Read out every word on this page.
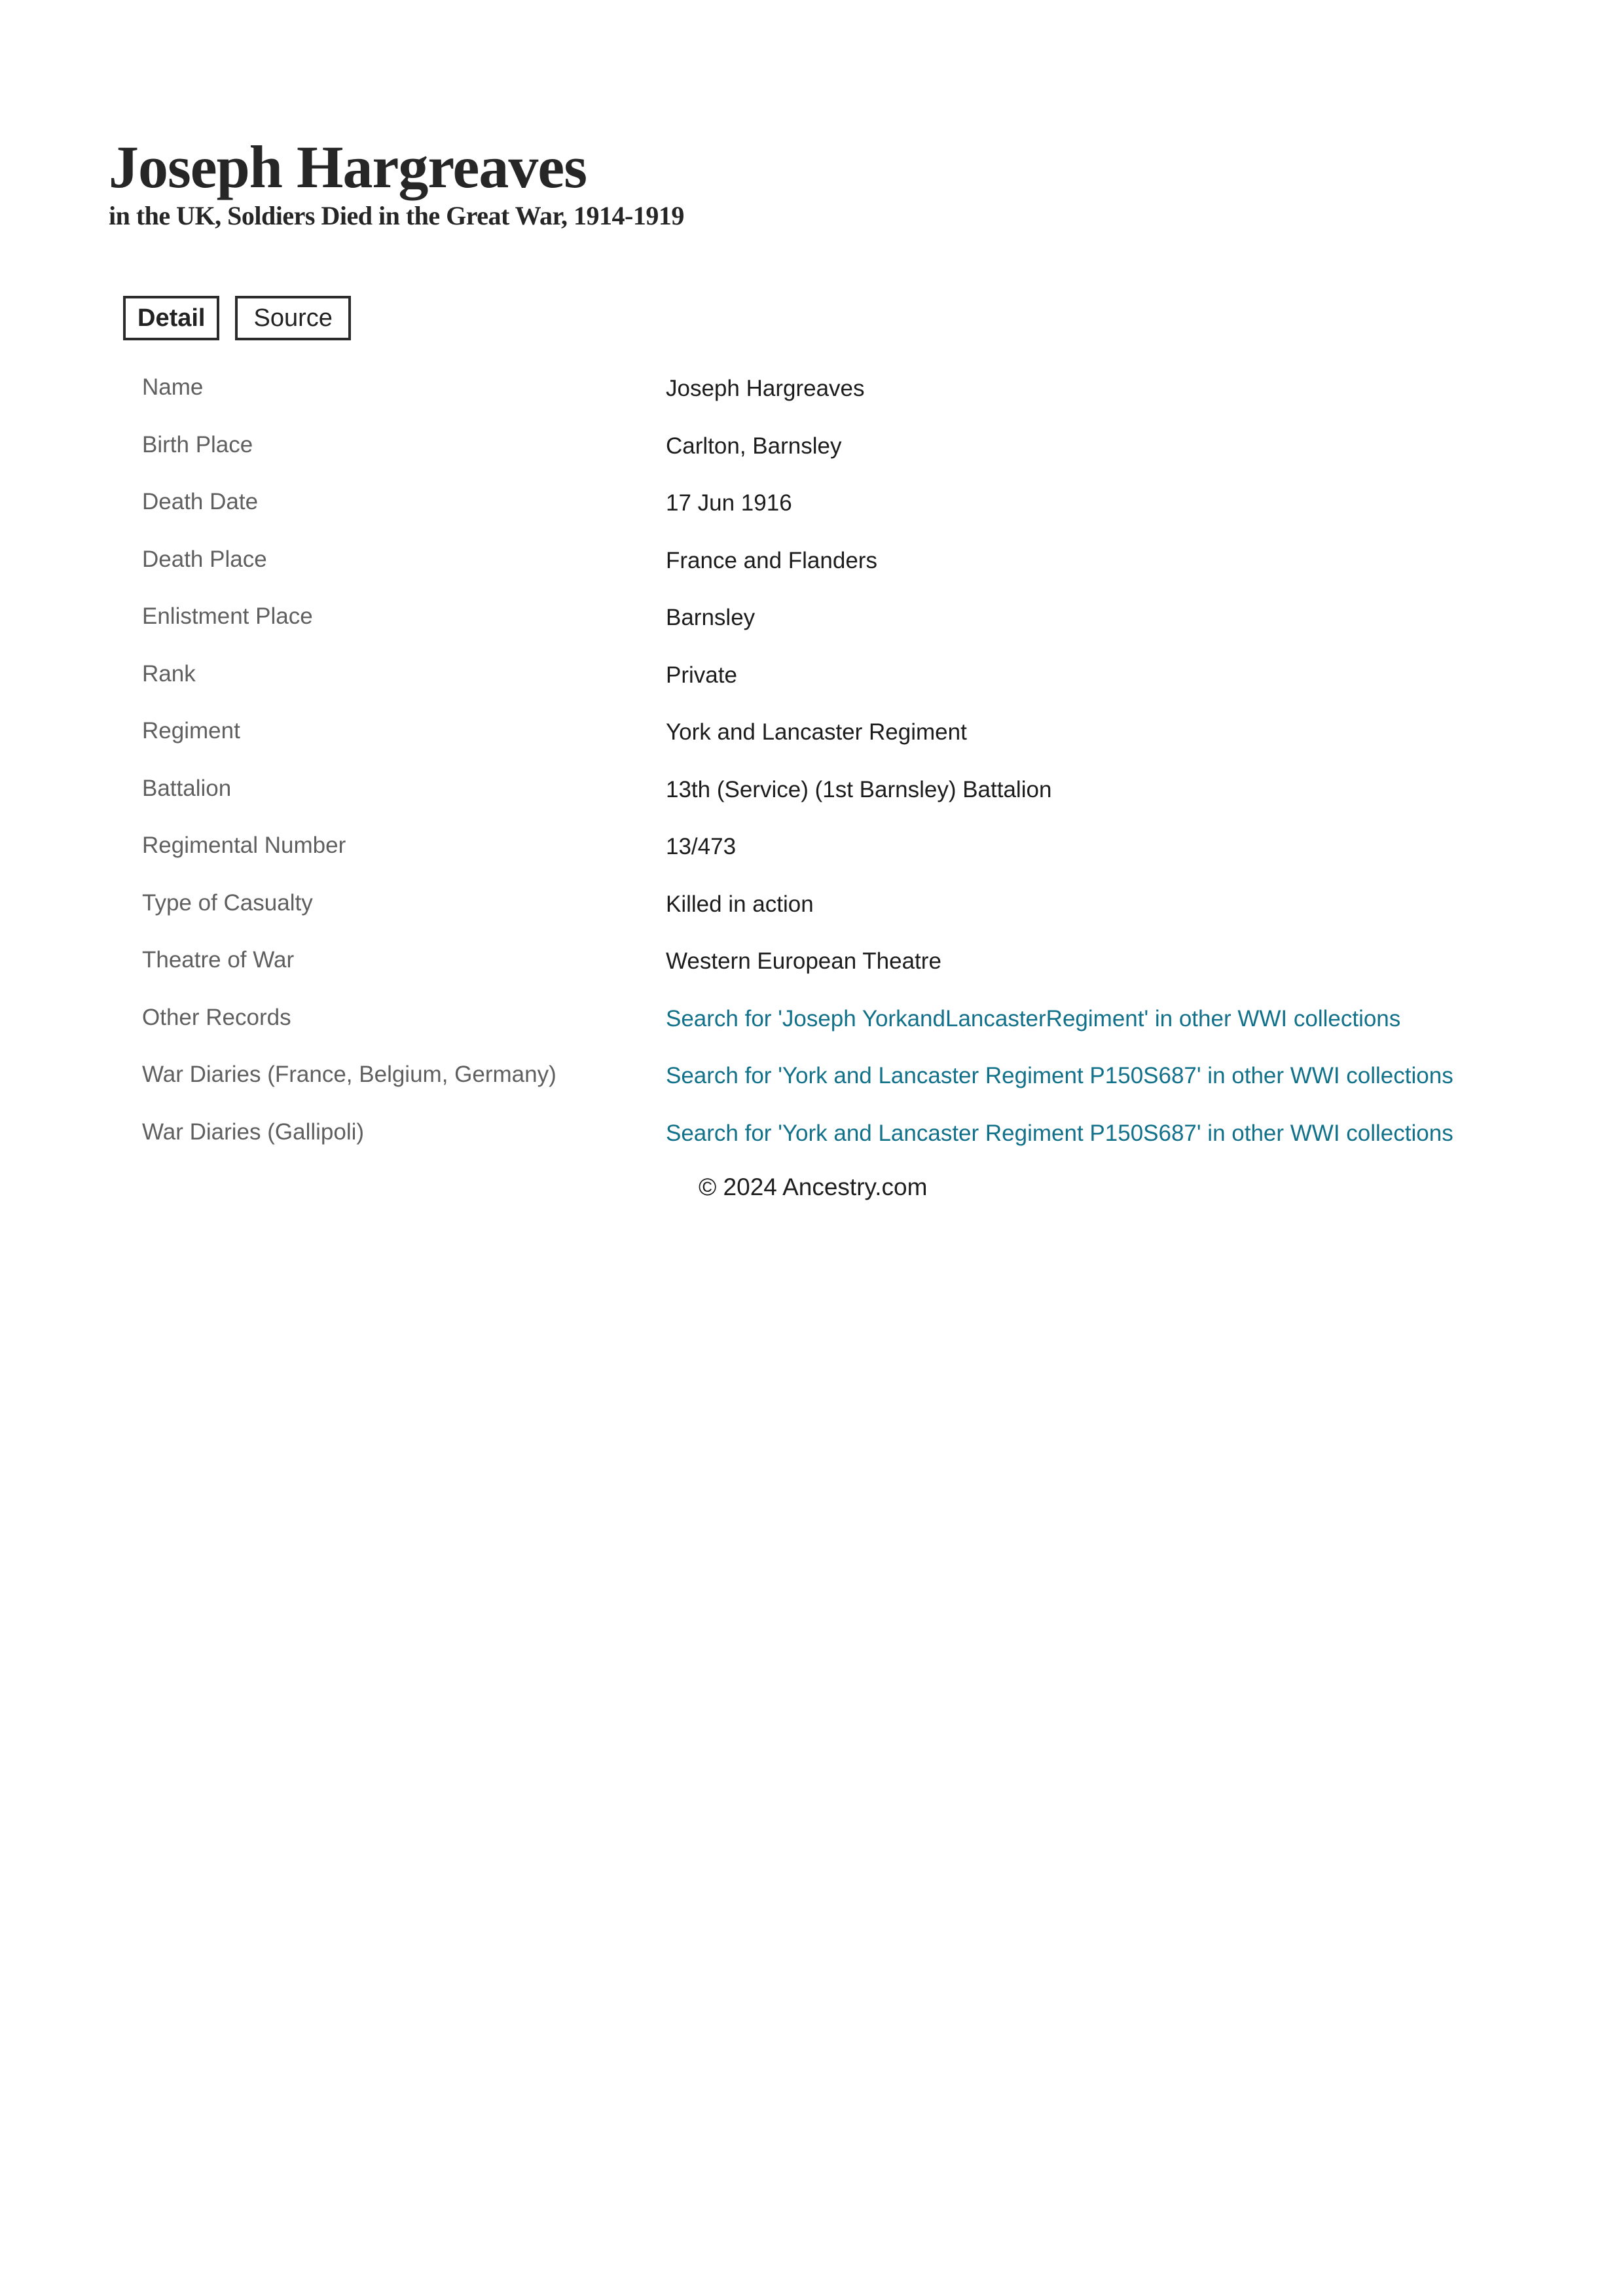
Joseph Hargreaves
in the UK, Soldiers Died in the Great War, 1914-1919
Detail	Source
Name	Joseph Hargreaves
Birth Place	Carlton, Barnsley
Death Date	17 Jun 1916
Death Place	France and Flanders
Enlistment Place	Barnsley
Rank	Private
Regiment	York and Lancaster Regiment
Battalion	13th (Service) (1st Barnsley) Battalion
Regimental Number	13/473
Type of Casualty	Killed in action
Theatre of War	Western European Theatre
Other Records	Search for 'Joseph YorkandLancasterRegiment' in other WWI collections
War Diaries (France, Belgium, Germany)	Search for 'York and Lancaster Regiment P150S687' in other WWI collections
War Diaries (Gallipoli)	Search for 'York and Lancaster Regiment P150S687' in other WWI collections
© 2024 Ancestry.com
